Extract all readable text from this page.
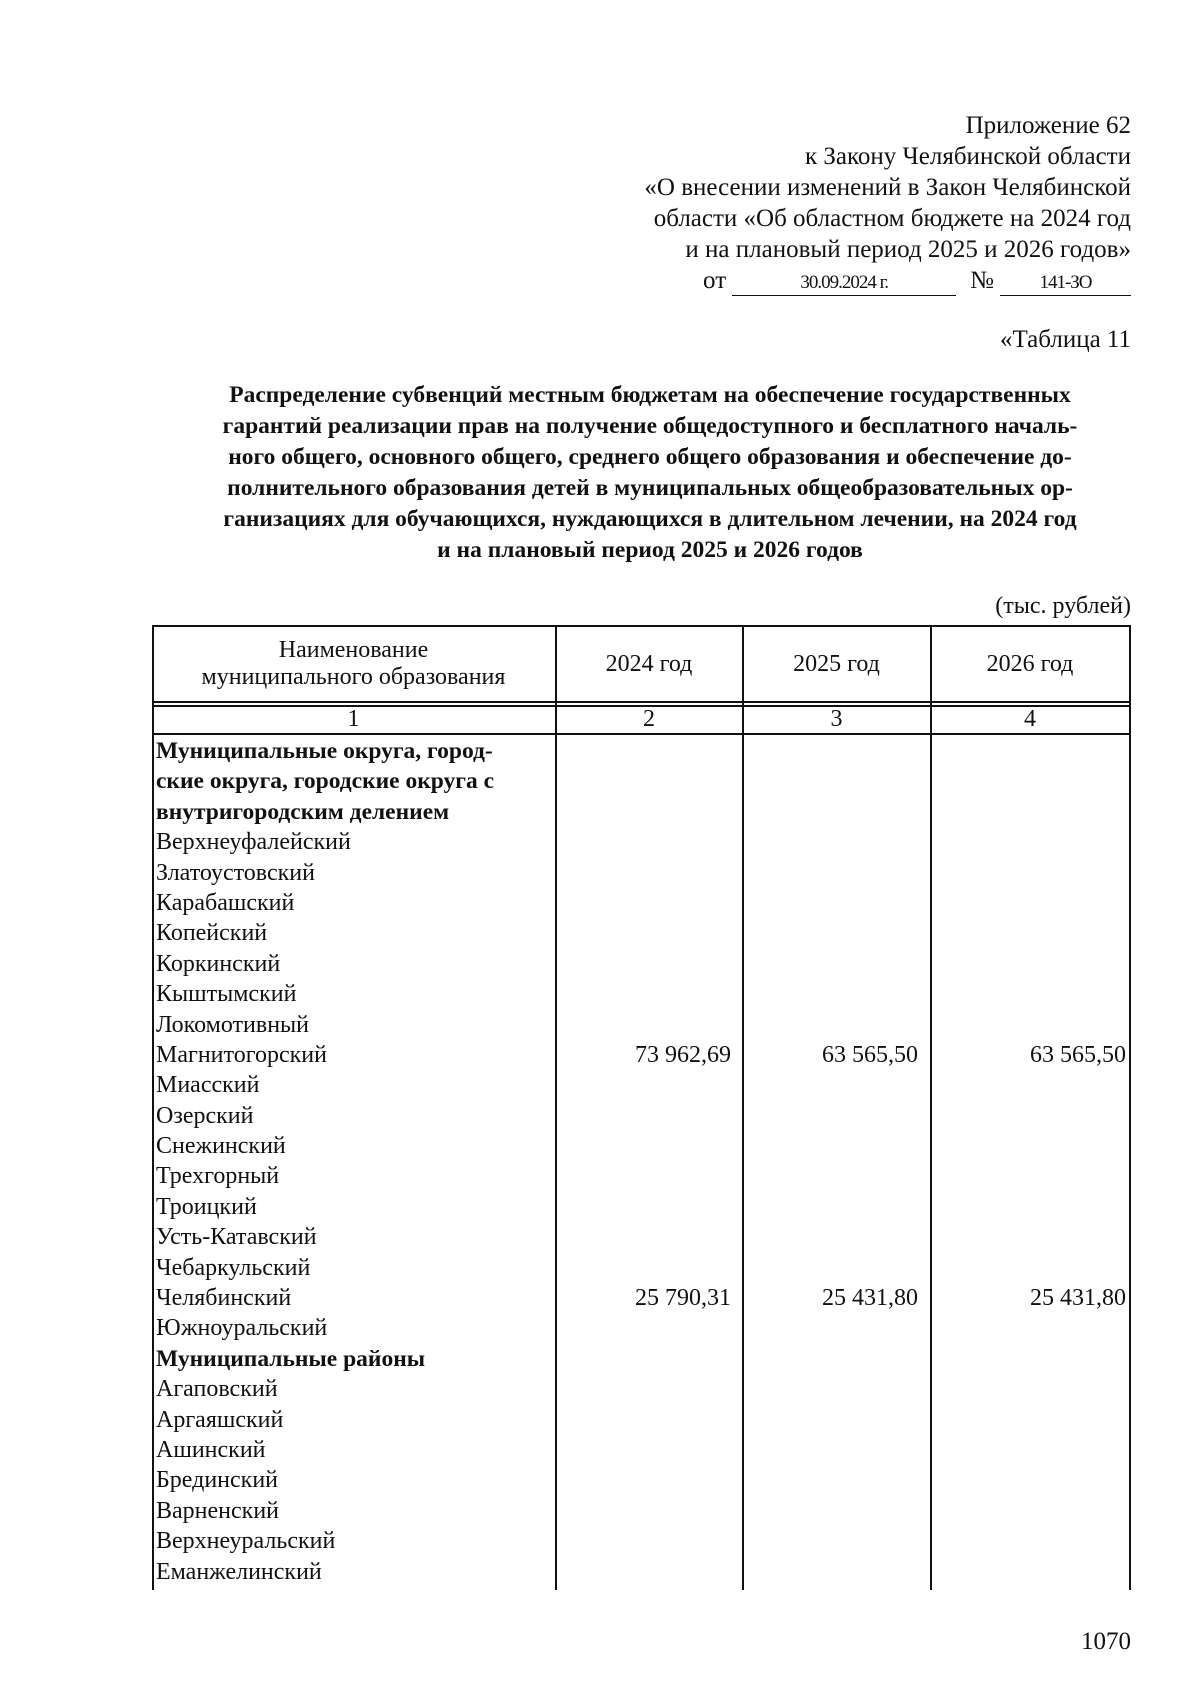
Приложение 62
к Закону Челябинской области
«О внесении изменений в Закон Челябинской
области «Об областном бюджете на 2024 год
и на плановый период 2025 и 2026 годов»
от	30.09.2024 г.	№	141-ЗО
«Таблица 11
Распределение субвенций местным бюджетам на обеспечение государственных
гарантий реализации прав на получение общедоступного и бесплатного началь-
ного общего, основного общего, среднего общего образования и обеспечение до-
полнительного образования детей в муниципальных общеобразовательных ор-
ганизациях для обучающихся, нуждающихся в длительном лечении, на 2024 год
и на плановый период 2025 и 2026 годов
(тыс. рублей)
Наименование муниципального образования
2024 год	2025 год	2026 год
1	2	3	4
Муниципальные округа, город-
ские округа, городские округа с
внутригородским делением
Верхнеуфалейский
Златоустовский
Карабашский
Копейский
Коркинский
Кыштымский
Локомотивный
Магнитогорский	73 962,69	63 565,50	63 565,50
Миасский
Озерский
Снежинский
Трехгорный
Троицкий
Усть-Катавский
Чебаркульский
Челябинский	25 790,31	25 431,80	25 431,80
Южноуральский
Муниципальные районы
Агаповский
Аргаяшский
Ашинский
Брединский
Варненский
Верхнеуральский
Еманжелинский
1070
